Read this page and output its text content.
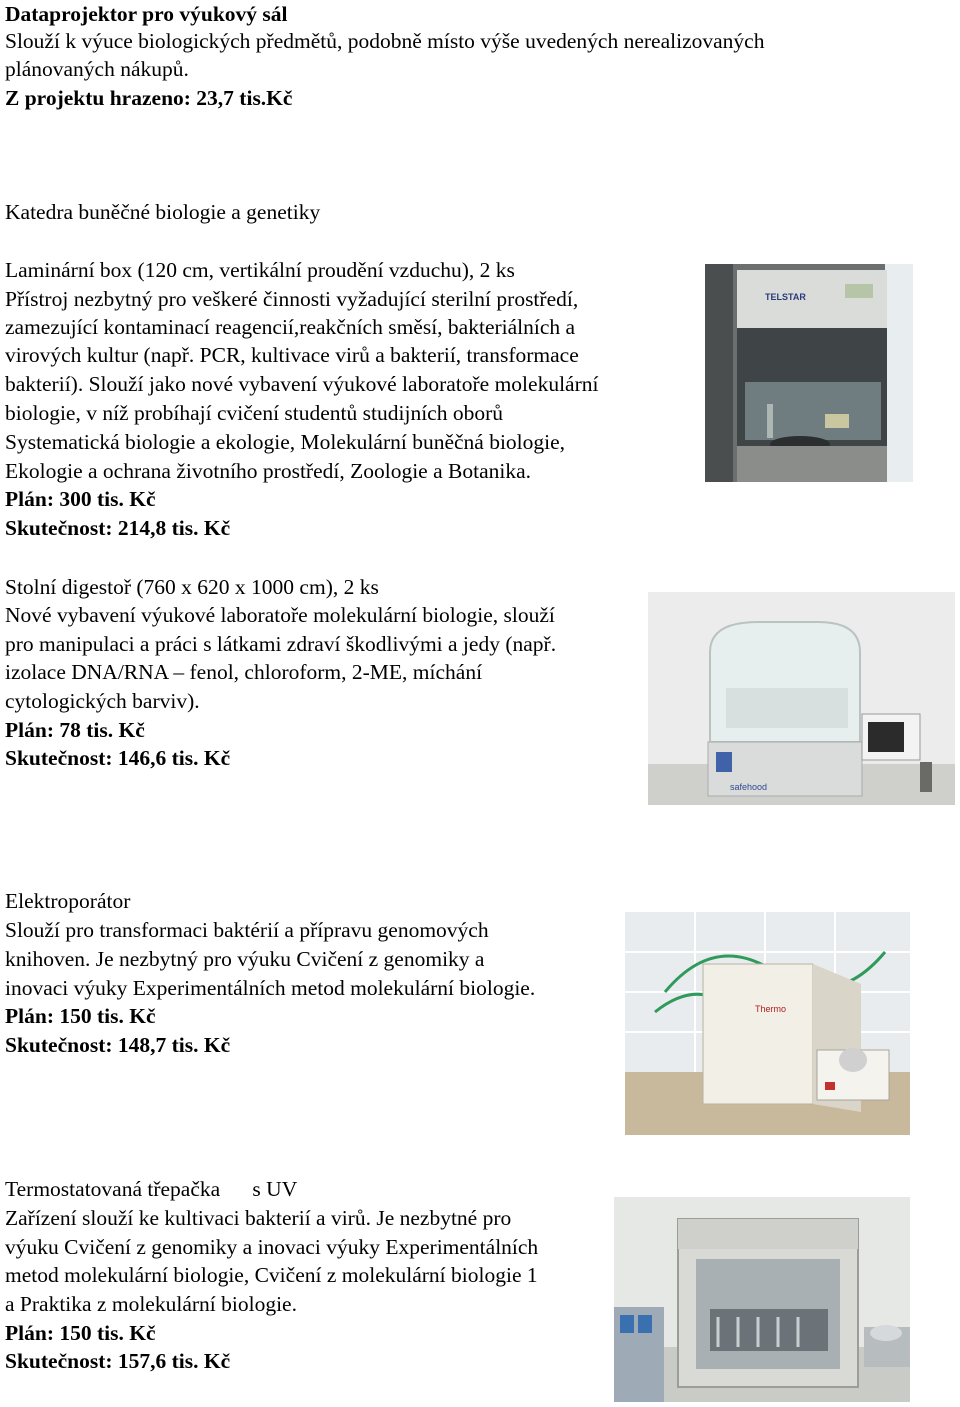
Dataprojektor pro výukový sál
Slouží k výuce biologických předmětů, podobně místo výše uvedených nerealizovaných
plánovaných nákupů.
Z projektu hrazeno: 23,7 tis.Kč
Katedra buněčné biologie a genetiky
Laminární box (120 cm, vertikální proudění vzduchu), 2 ks
Přístroj nezbytný pro veškeré činnosti vyžadující sterilní prostředí,
zamezující kontaminací reagencií,reakčních směsí, bakteriálních a
virových kultur (např. PCR, kultivace virů a bakterií, transformace
bakterií). Slouží jako nové vybavení výukové laboratoře molekulární
biologie, v níž probíhají cvičení studentů studijních oborů
Systematická biologie a ekologie, Molekulární buněčná biologie,
Ekologie a ochrana životního prostředí, Zoologie a Botanika.
Plán: 300 tis. Kč
Skutečnost: 214,8 tis. Kč
TELSTAR
Stolní digestoř (760 x 620 x 1000 cm), 2 ks
Nové vybavení výukové laboratoře molekulární biologie, slouží
pro manipulaci a práci s látkami zdraví škodlivými a jedy (např.
izolace DNA/RNA – fenol, chloroform, 2-ME, míchání
cytologických barviv).
Plán: 78 tis. Kč
Skutečnost: 146,6 tis. Kč
safehood
Elektroporátor
Slouží pro transformaci baktérií a přípravu genomových
knihoven. Je nezbytný pro výuku Cvičení z genomiky a
inovaci výuky Experimentálních metod molekulární biologie.
Plán: 150 tis. Kč
Skutečnost: 148,7 tis. Kč
Thermo
Termostatovaná třepačka      s UV
Zařízení slouží ke kultivaci bakterií a virů. Je nezbytné pro
výuku Cvičení z genomiky a inovaci výuky Experimentálních
metod molekulární biologie, Cvičení z molekulární biologie 1
a Praktika z molekulární biologie.
Plán: 150 tis. Kč
Skutečnost: 157,6 tis. Kč
